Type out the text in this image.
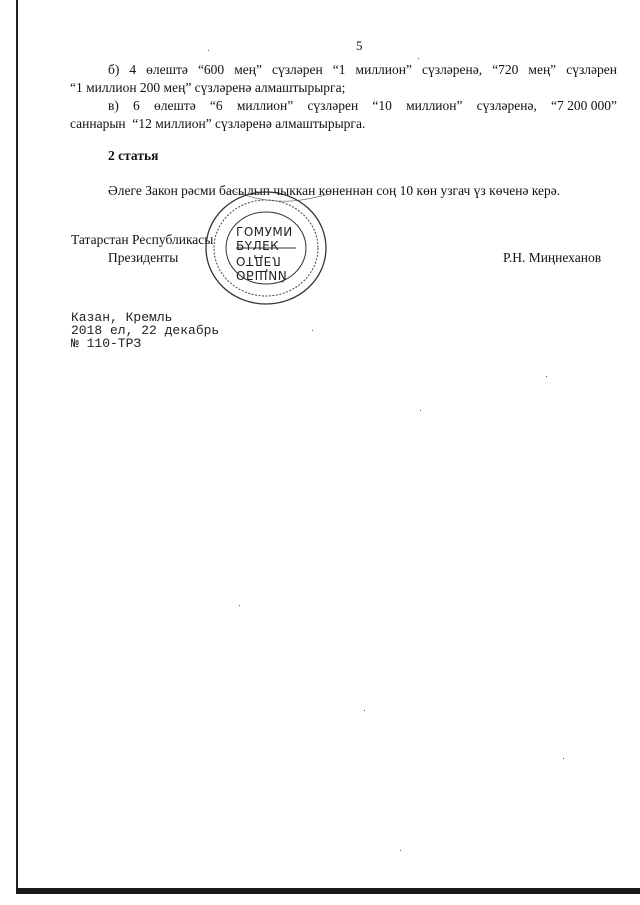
5
б) 4 өлештә “600 мең” сүзләрен “1 миллион” сүзләренә, “720 мең” сүзләрен
“1 миллион 200 мең” сүзләренә алмаштырырга;
в) 6 өлештә “6 миллион” сүзләрен “10 миллион” сүзләренә, “7 200 000”
саннарын  “12 миллион” сүзләренә алмаштырырга.
2 статья
Әлеге Закон рәсми басылып чыккан көненнән соң 10 көн узгач үз көченә керә.
Татарстан Республикасы
Президенты	Р.Н. Миңнеханов
ГОМУМИ
БҮЛЕК
ОТДЕЛ
ОБЩИЙ
Казан, Кремль
2018 ел, 22 декабрь
№ 110-ТРЗ
